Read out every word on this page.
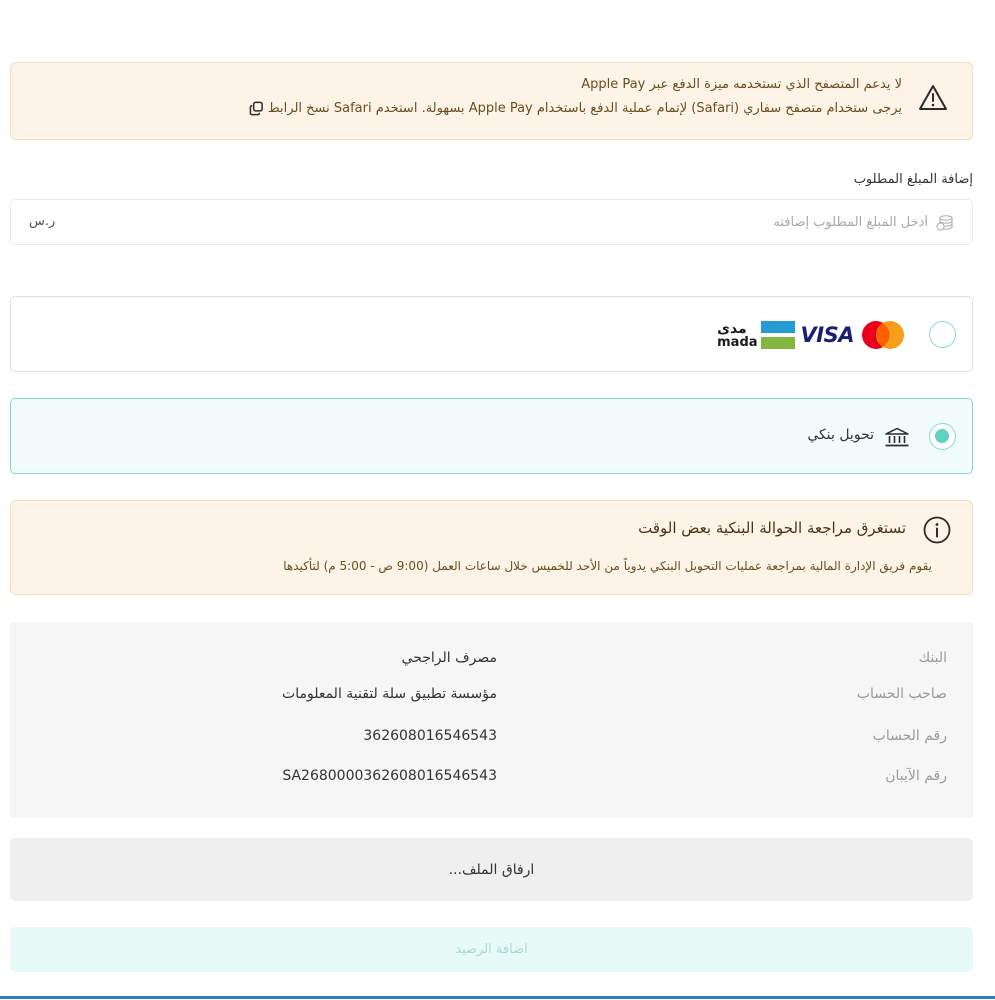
لا يدعم المتصفح الذي تستخدمه ميزة الدفع عبر Apple Pay
يرجى ستخدام متصفح سفاري (Safari) لإتمام عملية الدفع باستخدام Apple Pay بسهولة. استخدم Safari نسخ الرابط
إضافة المبلغ المطلوب
أدخل المبلغ المطلوب إضافته
ر.س
VISA
مدى
mada
تحويل بنكي
تستغرق مراجعة الحوالة البنكية بعض الوقت
يقوم فريق الإدارة المالية بمراجعة عمليات التحويل البنكي يدوياً من الأحد للخميس خلال ساعات العمل (9:00 ص - 5:00 م) لتأكيدها
البنك
مصرف الراجحي
صاحب الحساب
مؤسسة تطبيق سلة لتقنية المعلومات
رقم الحساب
362608016546543
رقم الآيبان
SA2680000362608016546543
ارفاق الملف...
اضافة الرصيد
